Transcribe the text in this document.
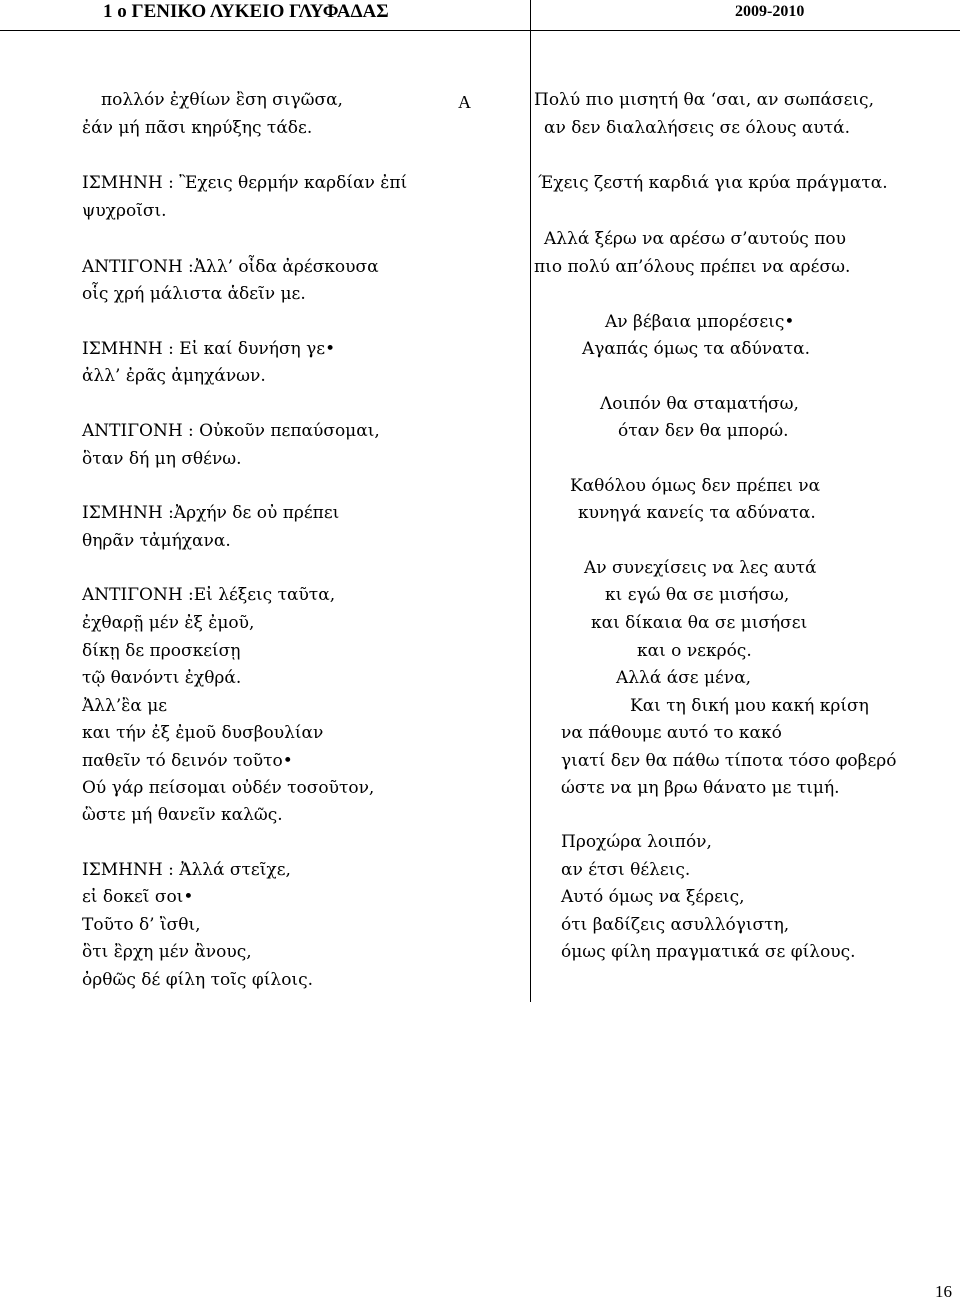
1 ο ΓΕΝΙΚΟ ΛΥΚΕΙΟ ΓΛΥΦΑΔΑΣ	2009-2010
Α
πολλόν ἐχθίων ἒση σιγῶσα,
ἐάν μή πᾶσι κηρύξης τάδε.
ΙΣΜΗΝΗ : Ἒχεις θερμήν καρδίαν ἐπί
ψυχροῖσι.
ΑΝΤΙΓΟΝΗ :Ἀλλ’ οἶδα ἀρέσκουσα
οἷς χρή μάλιστα ἁδεῖν με.
ΙΣΜΗΝΗ : Εἰ καί δυνήση γε•
ἀλλ’ ἐρᾶς ἀμηχάνων.
ΑΝΤΙΓΟΝΗ : Οὐκοῦν πεπαύσομαι,
ὃταν δή μη σθένω.
ΙΣΜΗΝΗ :Ἀρχήν δε οὐ πρέπει
θηρᾶν τἀμήχανα.
ΑΝΤΙΓΟΝΗ :Εἰ λέξεις ταῦτα,
ἐχθαρῇ μέν ἐξ ἐμοῦ,
δίκῃ δε προσκείσῃ
τῷ θανόντι ἐχθρά.
Ἀλλ’ἒα με
και τήν ἐξ ἐμοῦ δυσβουλίαν
παθεῖν τό δεινόν τοῦτο•
Ού γάρ πείσομαι οὐδέν τοσοῦτον,
ὣστε μή θανεῖν καλῶς.
ΙΣΜΗΝΗ : Ἀλλά στεῖχε,
εἰ δοκεῖ σοι•
Τοῦτο δ’ ἲσθι,
ὃτι ἒρχη μέν ἂνους,
ὀρθῶς δέ φίλη τοῖς φίλοις.
Πολύ πιο μισητή θα ‘σαι, αν σωπάσεις,
αν δεν διαλαλήσεις σε όλους αυτά.
Έχεις ζεστή καρδιά για κρύα πράγματα.
Αλλά ξέρω να αρέσω σ’αυτούς που
πιο πολύ απ’όλους πρέπει να αρέσω.
Αν βέβαια μπορέσεις•
Αγαπάς όμως τα αδύνατα.
Λοιπόν θα σταματήσω,
όταν δεν θα μπορώ.
Καθόλου όμως δεν πρέπει να
κυνηγά κανείς τα αδύνατα.
Αν συνεχίσεις να λες αυτά
κι εγώ θα σε μισήσω,
και δίκαια θα σε μισήσει
και ο νεκρός.
Αλλά άσε μένα,
Και τη δική μου κακή κρίση
να πάθουμε αυτό το κακό
γιατί δεν θα πάθω τίποτα τόσο φοβερό
ώστε να μη βρω θάνατο με τιμή.
Προχώρα λοιπόν,
αν έτσι θέλεις.
Αυτό όμως να ξέρεις,
ότι βαδίζεις ασυλλόγιστη,
όμως φίλη πραγματικά σε φίλους.
16
